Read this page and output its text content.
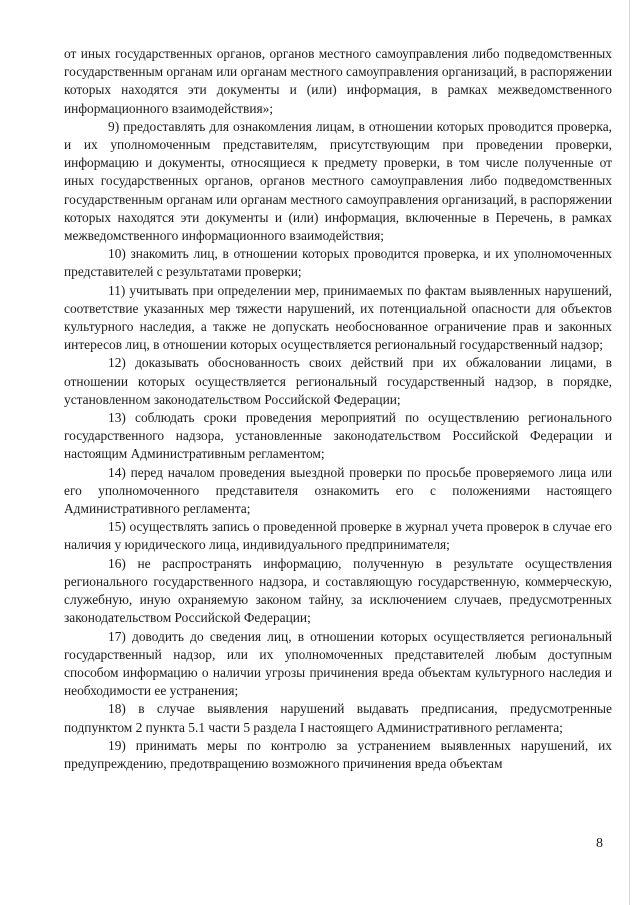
от иных государственных органов, органов местного самоуправления либо подведомственных государственным органам или органам местного самоуправления организаций, в распоряжении которых находятся эти документы и (или) информация, в рамках межведомственного информационного взаимодействия»;

9) предоставлять для ознакомления лицам, в отношении которых проводится проверка, и их уполномоченным представителям, присутствующим при проведении проверки, информацию и документы, относящиеся к предмету проверки, в том числе полученные от иных государственных органов, органов местного самоуправления либо подведомственных государственным органам или органам местного самоуправления организаций, в распоряжении которых находятся эти документы и (или) информация, включенные в Перечень, в рамках межведомственного информационного взаимодействия;

10) знакомить лиц, в отношении которых проводится проверка, и их уполномоченных представителей с результатами проверки;

11) учитывать при определении мер, принимаемых по фактам выявленных нарушений, соответствие указанных мер тяжести нарушений, их потенциальной опасности для объектов культурного наследия, а также не допускать необоснованное ограничение прав и законных интересов лиц, в отношении которых осуществляется региональный государственный надзор;

12) доказывать обоснованность своих действий при их обжаловании лицами, в отношении которых осуществляется региональный государственный надзор, в порядке, установленном законодательством Российской Федерации;

13) соблюдать сроки проведения мероприятий по осуществлению регионального государственного надзора, установленные законодательством Российской Федерации и настоящим Административным регламентом;

14) перед началом проведения выездной проверки по просьбе проверяемого лица или его уполномоченного представителя ознакомить его с положениями настоящего Административного регламента;

15) осуществлять запись о проведенной проверке в журнал учета проверок в случае его наличия у юридического лица, индивидуального предпринимателя;

16) не распространять информацию, полученную в результате осуществления регионального государственного надзора, и составляющую государственную, коммерческую, служебную, иную охраняемую законом тайну, за исключением случаев, предусмотренных законодательством Российской Федерации;

17) доводить до сведения лиц, в отношении которых осуществляется региональный государственный надзор, или их уполномоченных представителей любым доступным способом информацию о наличии угрозы причинения вреда объектам культурного наследия и необходимости ее устранения;

18) в случае выявления нарушений выдавать предписания, предусмотренные подпунктом 2 пункта 5.1 части 5 раздела I настоящего Административного регламента;

19) принимать меры по контролю за устранением выявленных нарушений, их предупреждению, предотвращению возможного причинения вреда объектам

8
